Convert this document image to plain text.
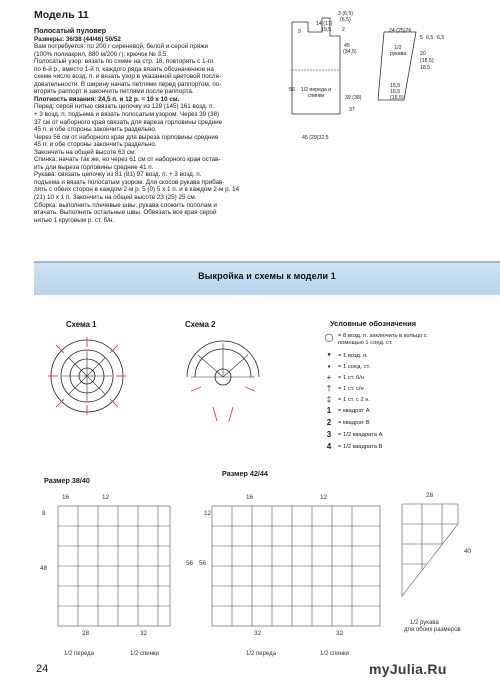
Модель 11
Полосатый пуловер

Размеры: 36/38 (44/46) 50/52

Вам потребуется: по 200 г сиреневой, белой и серой пряжи

(100% полиакрил, 880 м/200 г); крючок № 3,5.

Полосатый узор: вязать по схеме на стр. 18, повторять с 1-го

по 6-й р., вместо 1-й п. каждого ряда вязать обозначенное на

схеме число возд. п. и вязать узор в указанной цветовой после-

довательности. В ширину начать петлями перед раппортом, по-

вторять раппорт и закончить петлями после раппорта.

Плотность вязания: 24,5 п. и 12 р. = 10 х 10 см.

Перед: серой нитью связать цепочку из 129 (145) 161 возд. п.

+ 3 возд. п. подъема и вязать полосатым узором. Через 39 (38)

37 см от наборного края связать для вареза горловины средние

45 п. и обе стороны закончить раздельно.

Через 56 см от наборного края для выреза горловины средние

45 п. и обе стороны закончить раздельно.

Закончить на общей высоте 63 см.

Спинка: начать так же, но через 61 см от наборного края остав-

ить для выреза горловины средние 41 п.

Рукава: связать цепочку из 81 (81) 97 возд. п. + 3 возд. п.

подъема и вязать полосатым узором. Для скосов рукава прибав-

лять с обеих сторон в каждом 2-м р. 5 (0) 5 х 1 п. и в каждом 2-м р. 14

(21) 10 х 1 п. Закончить на общей высоте 23 (25) 25 см.

Сборка: выполнить плечевые швы; рукава сложить пополам и

втачать. Выполнить остальные швы. Обвязать все края серой

нитью 1 круговым р. ст. б/н.

1/2 переда и спинки
9
14 (17)
19,5
3 (6,5)
(6,5)
2
45
(34,5)
56
39 (38)
37
45 (29)32,5
1/2 рукава
24 (25)26
5 6,5 6,5
20
(18,5)
18,5
16,5
16,5
(16,5)
Выкройка и схемы к модели 1
Схема 1	Схема 2	Условные обозначения
◯ = 8 возд. п. заключить в кольцо с помощью 1 соед. ст.
●	= 1 возд. п.
•	= 1 соед. ст.
+	= 1 ст. б/н
†	= 1 ст. с/н
‡	= 1 ст. с 2 н.
1	= квадрат А
2	= квадрат В
3	= 1/2 квадрата А
4	= 1/2 квадрата В
Размер 38/40
Размер 42/44
16	12
8
48
56
28	32
1/2 переда	1/2 спинки
16	12
12
56
32	32
1/2 переда	1/2 спинки
28
40
1/2 рукава
для обоих размеров
24	myJulia.Ru
